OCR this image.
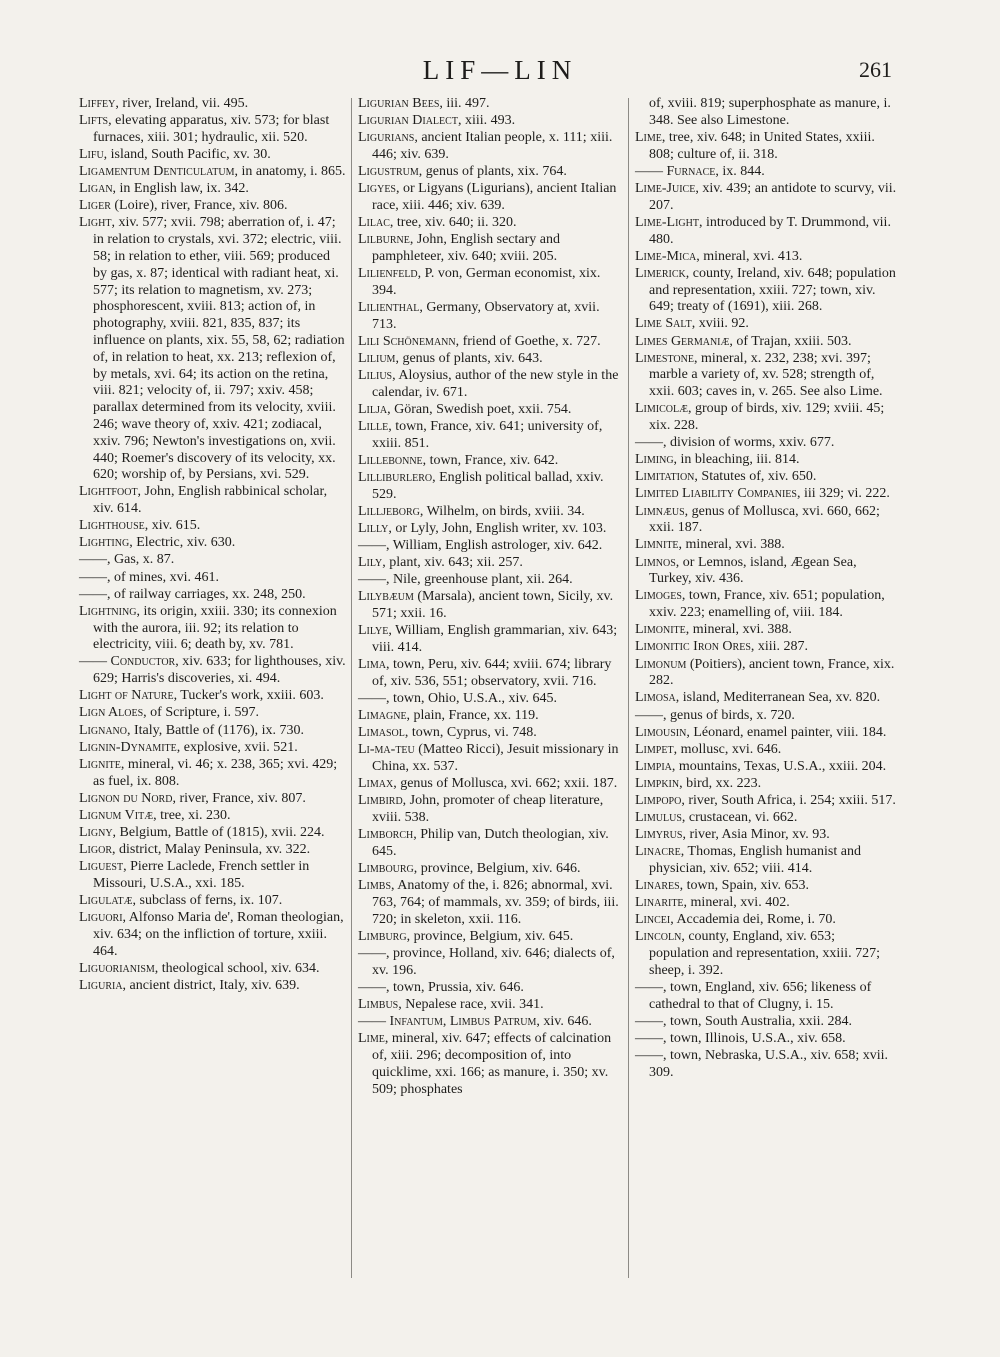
LIF—LIN	261
Liffey, river, Ireland, vii. 495.
Lifts, elevating apparatus, xiv. 573; for blast furnaces, xiii. 301; hydraulic, xii. 520.
Lifu, island, South Pacific, xv. 30.
Ligamentum Denticulatum, in anatomy, i. 865.
Ligan, in English law, ix. 342.
Liger (Loire), river, France, xiv. 806.
Light, xiv. 577; xvii. 798; aberration of, i. 47; in relation to crystals, xvi. 372; electric, viii. 58; in relation to ether, viii. 569; produced by gas, x. 87; identical with radiant heat, xi. 577; its relation to magnetism, xv. 273; phosphorescent, xviii. 813; action of, in photography, xviii. 821, 835, 837; its influence on plants, xix. 55, 58, 62; radiation of, in relation to heat, xx. 213; reflexion of, by metals, xvi. 64; its action on the retina, viii. 821; velocity of, ii. 797; xxiv. 458; parallax determined from its velocity, xviii. 246; wave theory of, xxiv. 421; zodiacal, xxiv. 796; Newton's investigations on, xvii. 440; Roemer's discovery of its velocity, xx. 620; worship of, by Persians, xvi. 529.
Lightfoot, John, English rabbinical scholar, xiv. 614.
Lighthouse, xiv. 615.
Lighting, Electric, xiv. 630.
——, Gas, x. 87.
——, of mines, xvi. 461.
——, of railway carriages, xx. 248, 250.
Lightning, its origin, xxiii. 330; its connexion with the aurora, iii. 92; its relation to electricity, viii. 6; death by, xv. 781.
—— Conductor, xiv. 633; for lighthouses, xiv. 629; Harris's discoveries, xi. 494.
Light of Nature, Tucker's work, xxiii. 603.
Lign Aloes, of Scripture, i. 597.
Lignano, Italy, Battle of (1176), ix. 730.
Lignin-Dynamite, explosive, xvii. 521.
Lignite, mineral, vi. 46; x. 238, 365; xvi. 429; as fuel, ix. 808.
Lignon du Nord, river, France, xiv. 807.
Lignum Vitæ, tree, xi. 230.
Ligny, Belgium, Battle of (1815), xvii. 224.
Ligor, district, Malay Peninsula, xv. 322.
Liguest, Pierre Laclede, French settler in Missouri, U.S.A., xxi. 185.
Ligulatæ, subclass of ferns, ix. 107.
Liguori, Alfonso Maria de', Roman theologian, xiv. 634; on the infliction of torture, xxiii. 464.
Liguorianism, theological school, xiv. 634.
Liguria, ancient district, Italy, xiv. 639.
Ligurian Bees, iii. 497.
Ligurian Dialect, xiii. 493.
Ligurians, ancient Italian people, x. 111; xiii. 446; xiv. 639.
Ligustrum, genus of plants, xix. 764.
Ligyes, or Ligyans (Ligurians), ancient Italian race, xiii. 446; xiv. 639.
Lilac, tree, xiv. 640; ii. 320.
Lilburne, John, English sectary and pamphleteer, xiv. 640; xviii. 205.
Lilienfeld, P. von, German economist, xix. 394.
Lilienthal, Germany, Observatory at, xvii. 713.
Lili Schönemann, friend of Goethe, x. 727.
Lilium, genus of plants, xiv. 643.
Lilius, Aloysius, author of the new style in the calendar, iv. 671.
Lilja, Göran, Swedish poet, xxii. 754.
Lille, town, France, xiv. 641; university of, xxiii. 851.
Lillebonne, town, France, xiv. 642.
Lilliburlero, English political ballad, xxiv. 529.
Lilljeborg, Wilhelm, on birds, xviii. 34.
Lilly, or Lyly, John, English writer, xv. 103.
——, William, English astrologer, xiv. 642.
Lily, plant, xiv. 643; xii. 257.
——, Nile, greenhouse plant, xii. 264.
Lilybæum (Marsala), ancient town, Sicily, xv. 571; xxii. 16.
Lilye, William, English grammarian, xiv. 643; viii. 414.
Lima, town, Peru, xiv. 644; xviii. 674; library of, xiv. 536, 551; observatory, xvii. 716.
——, town, Ohio, U.S.A., xiv. 645.
Limagne, plain, France, xx. 119.
Limasol, town, Cyprus, vi. 748.
Li-ma-teu (Matteo Ricci), Jesuit missionary in China, xx. 537.
Limax, genus of Mollusca, xvi. 662; xxii. 187.
Limbird, John, promoter of cheap literature, xviii. 538.
Limborch, Philip van, Dutch theologian, xiv. 645.
Limbourg, province, Belgium, xiv. 646.
Limbs, Anatomy of the, i. 826; abnormal, xvi. 763, 764; of mammals, xv. 359; of birds, iii. 720; in skeleton, xxii. 116.
Limburg, province, Belgium, xiv. 645.
——, province, Holland, xiv. 646; dialects of, xv. 196.
——, town, Prussia, xiv. 646.
Limbus, Nepalese race, xvii. 341.
—— Infantum, Limbus Patrum, xiv. 646.
Lime, mineral, xiv. 647; effects of calcination of, xiii. 296; decomposition of, into quicklime, xxi. 166; as manure, i. 350; xv. 509; phosphates
of, xviii. 819; superphosphate as manure, i. 348. See also Limestone.
Lime, tree, xiv. 648; in United States, xxiii. 808; culture of, ii. 318.
—— Furnace, ix. 844.
Lime-Juice, xiv. 439; an antidote to scurvy, vii. 207.
Lime-Light, introduced by T. Drummond, vii. 480.
Lime-Mica, mineral, xvi. 413.
Limerick, county, Ireland, xiv. 648; population and representation, xxiii. 727; town, xiv. 649; treaty of (1691), xiii. 268.
Lime Salt, xviii. 92.
Limes Germaniæ, of Trajan, xxiii. 503.
Limestone, mineral, x. 232, 238; xvi. 397; marble a variety of, xv. 528; strength of, xxii. 603; caves in, v. 265. See also Lime.
Limicolæ, group of birds, xiv. 129; xviii. 45; xix. 228.
——, division of worms, xxiv. 677.
Liming, in bleaching, iii. 814.
Limitation, Statutes of, xiv. 650.
Limited Liability Companies, iii 329; vi. 222.
Limnæus, genus of Mollusca, xvi. 660, 662; xxii. 187.
Limnite, mineral, xvi. 388.
Limnos, or Lemnos, island, Ægean Sea, Turkey, xiv. 436.
Limoges, town, France, xiv. 651; population, xxiv. 223; enamelling of, viii. 184.
Limonite, mineral, xvi. 388.
Limonitic Iron Ores, xiii. 287.
Limonum (Poitiers), ancient town, France, xix. 282.
Limosa, island, Mediterranean Sea, xv. 820.
——, genus of birds, x. 720.
Limousin, Léonard, enamel painter, viii. 184.
Limpet, mollusc, xvi. 646.
Limpia, mountains, Texas, U.S.A., xxiii. 204.
Limpkin, bird, xx. 223.
Limpopo, river, South Africa, i. 254; xxiii. 517.
Limulus, crustacean, vi. 662.
Limyrus, river, Asia Minor, xv. 93.
Linacre, Thomas, English humanist and physician, xiv. 652; viii. 414.
Linares, town, Spain, xiv. 653.
Linarite, mineral, xvi. 402.
Lincei, Accademia dei, Rome, i. 70.
Lincoln, county, England, xiv. 653; population and representation, xxiii. 727; sheep, i. 392.
——, town, England, xiv. 656; likeness of cathedral to that of Clugny, i. 15.
——, town, South Australia, xxii. 284.
——, town, Illinois, U.S.A., xiv. 658.
——, town, Nebraska, U.S.A., xiv. 658; xvii. 309.
